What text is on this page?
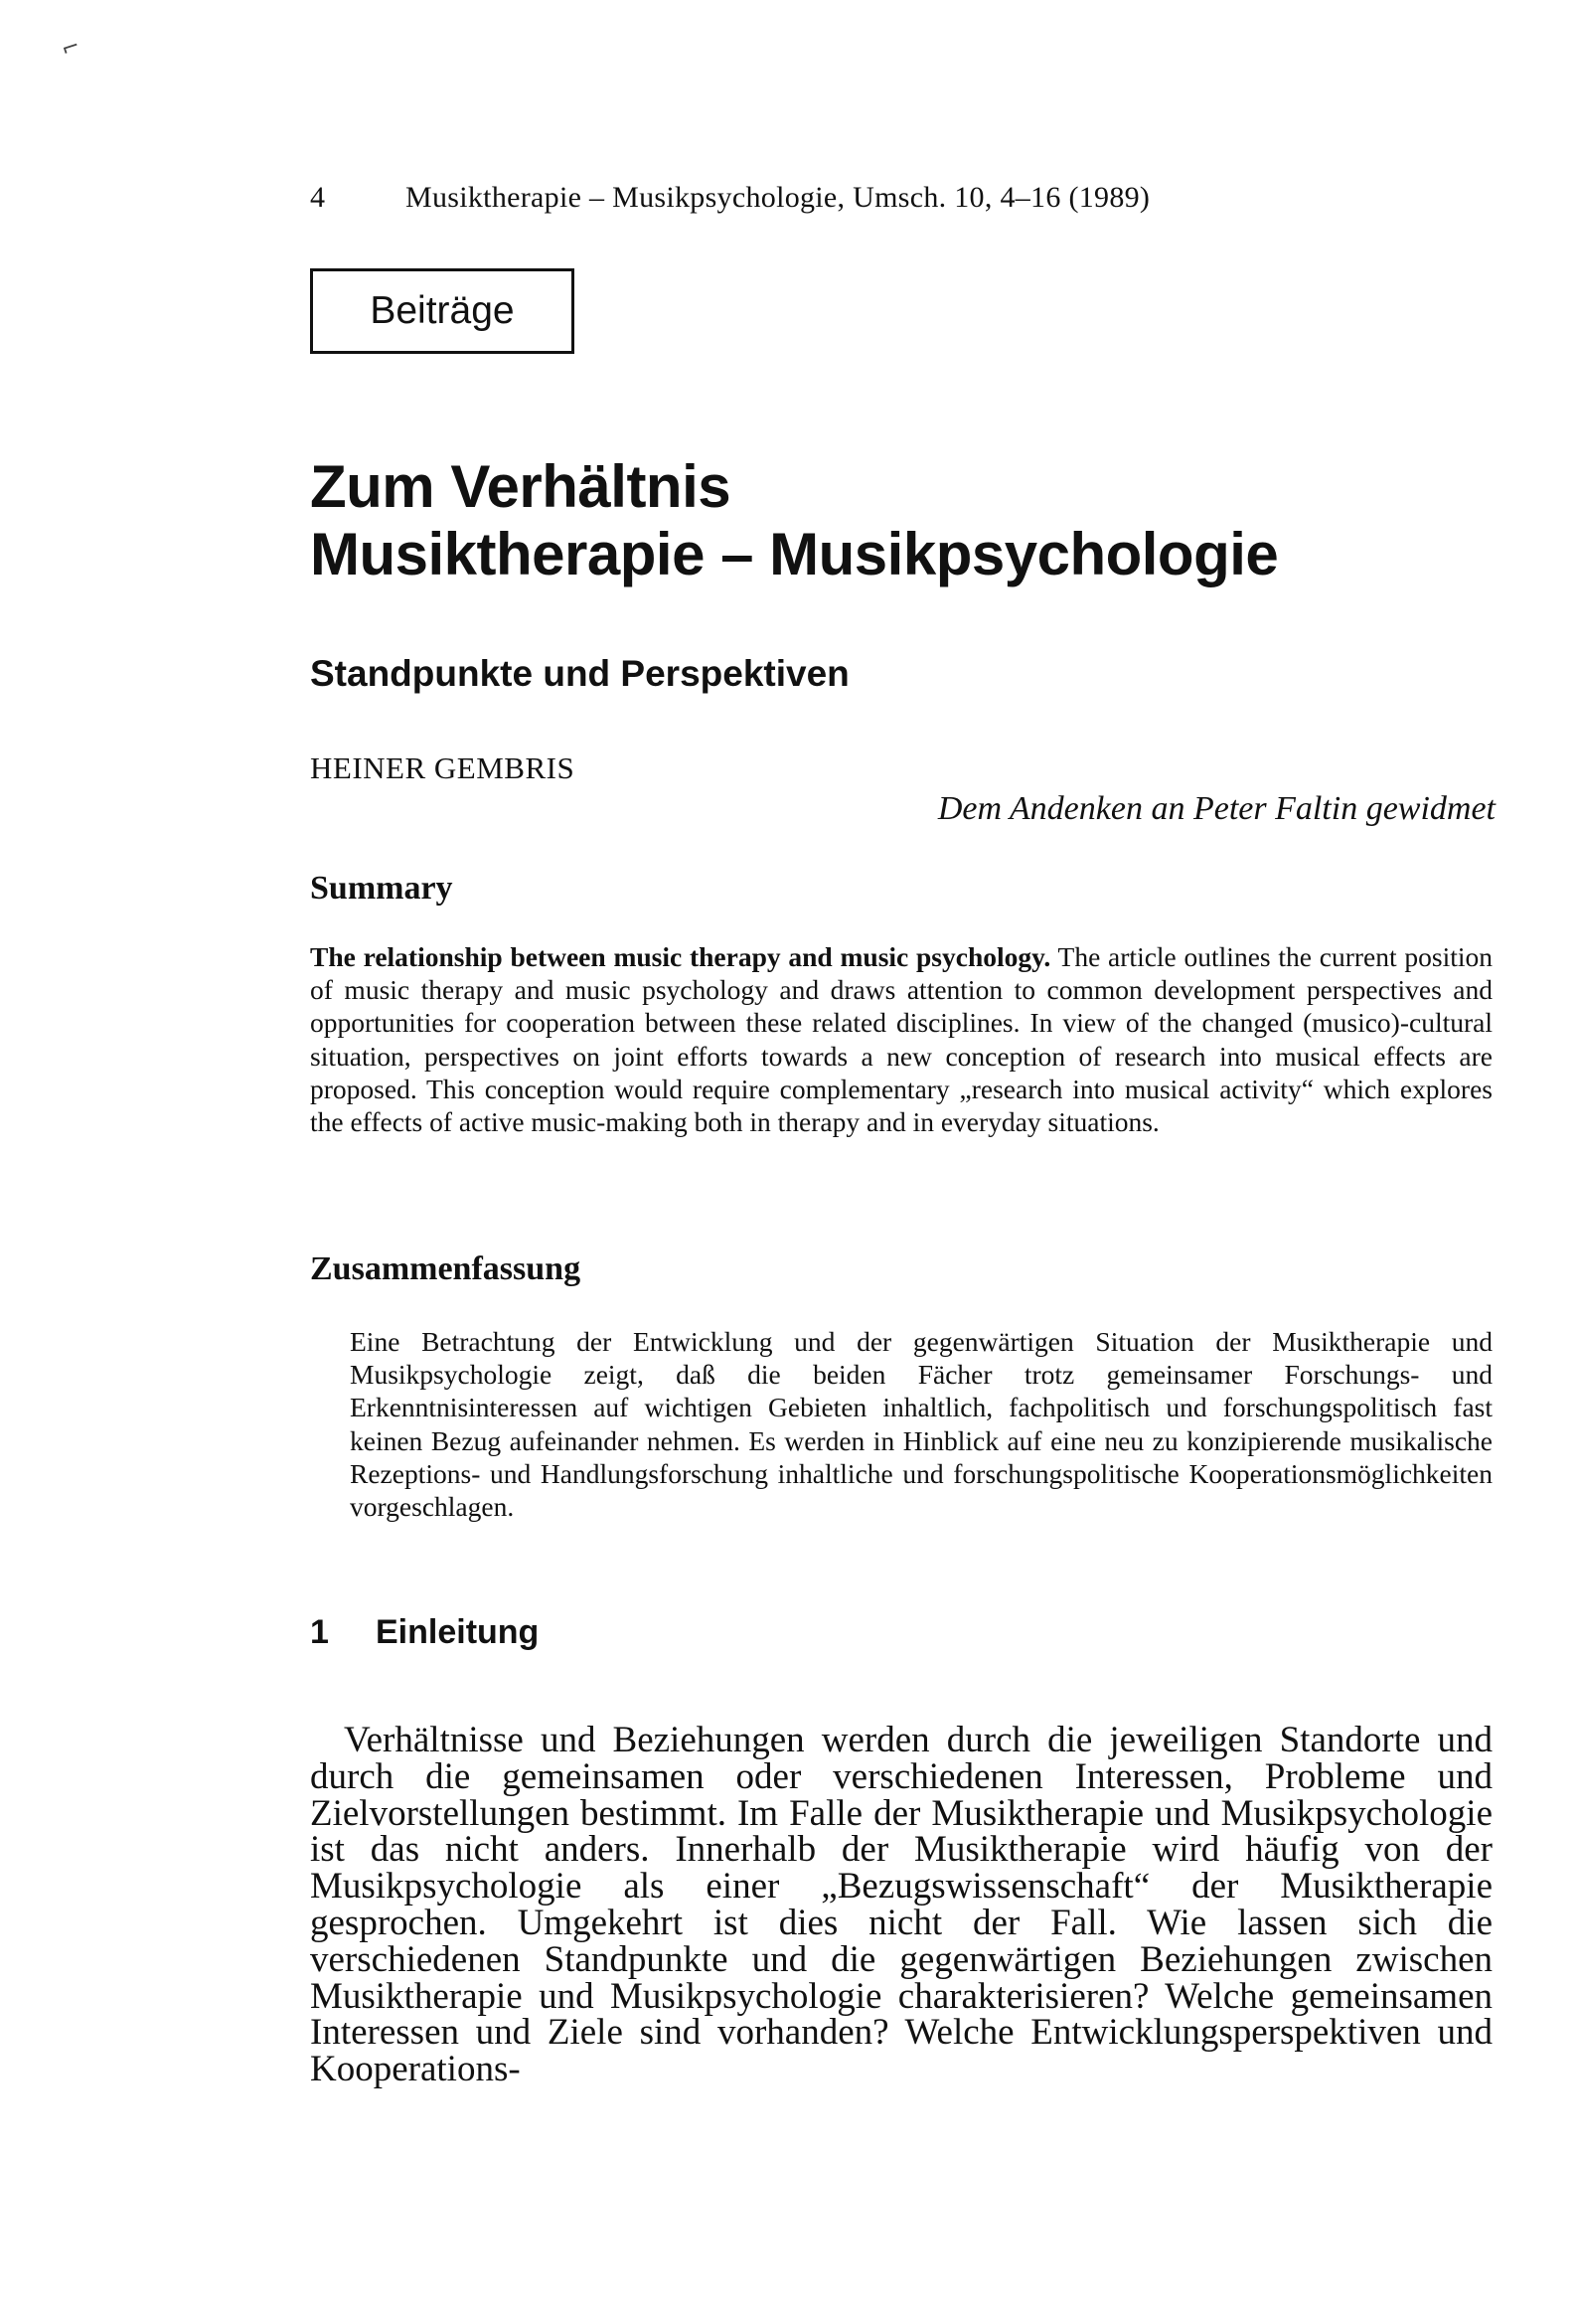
⌐
4	Musiktherapie – Musikpsychologie, Umsch. 10, 4–16 (1989)
Beiträge
Zum Verhältnis
Musiktherapie – Musikpsychologie
Standpunkte und Perspektiven
HEINER GEMBRIS
Dem Andenken an Peter Faltin gewidmet
Summary
The relationship between music therapy and music psychology. The article outlines the current position of music therapy and music psychology and draws attention to common development perspectives and opportunities for cooperation between these related disciplines. In view of the changed (musico)-cultural situation, perspectives on joint efforts towards a new conception of research into musical effects are proposed. This conception would require complementary „research into musical activity“ which explores the effects of active music-making both in therapy and in everyday situations.
Zusammenfassung
Eine Betrachtung der Entwicklung und der gegenwärtigen Situation der Musiktherapie und Musikpsychologie zeigt, daß die beiden Fächer trotz gemeinsamer Forschungs- und Erkenntnisinteressen auf wichtigen Gebieten inhaltlich, fachpolitisch und forschungspolitisch fast keinen Bezug aufeinander nehmen. Es werden in Hinblick auf eine neu zu konzipierende musikalische Rezeptions- und Handlungsforschung inhaltliche und forschungspolitische Kooperationsmöglichkeiten vorgeschlagen.
1 Einleitung
Verhältnisse und Beziehungen werden durch die jeweiligen Standorte und durch die gemeinsamen oder verschiedenen Interessen, Probleme und Zielvorstellungen bestimmt. Im Falle der Musiktherapie und Musikpsychologie ist das nicht anders. Innerhalb der Musiktherapie wird häufig von der Musikpsychologie als einer „Bezugswissenschaft“ der Musiktherapie gesprochen. Umgekehrt ist dies nicht der Fall. Wie lassen sich die verschiedenen Standpunkte und die gegenwärtigen Beziehungen zwischen Musiktherapie und Musikpsychologie charakterisieren? Welche gemeinsamen Interessen und Ziele sind vorhanden? Welche Entwicklungsperspektiven und Kooperations-
